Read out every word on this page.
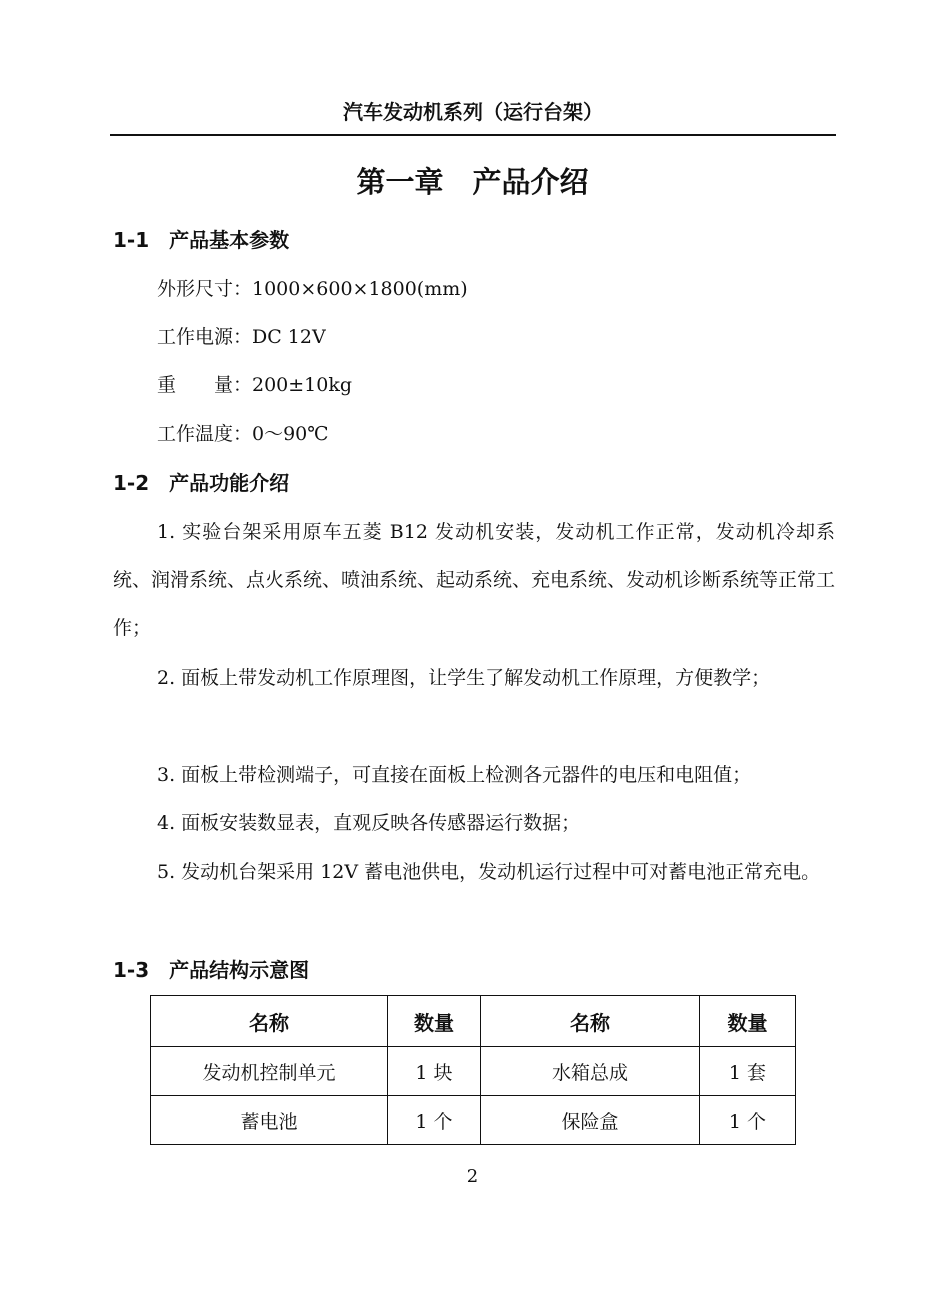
汽车发动机系列（运行台架）
第一章　产品介绍
1-1　产品基本参数
外形尺寸：1000×600×1800(mm)
工作电源：DC 12V
重　　量：200±10kg
工作温度：0～90℃
1-2　产品功能介绍

1. 实验台架采用原车五菱 B12 发动机安装，发动机工作正常，发动机冷却系统、润滑系统、点火系统、喷油系统、起动系统、充电系统、发动机诊断系统等正常工作；

2. 面板上带发动机工作原理图，让学生了解发动机工作原理，方便教学；

3. 面板上带检测端子，可直接在面板上检测各元器件的电压和电阻值；

4. 面板安装数显表，直观反映各传感器运行数据；

5. 发动机台架采用 12V 蓄电池供电，发动机运行过程中可对蓄电池正常充电。

1-3　产品结构示意图
名称	数量	名称	数量
发动机控制单元	1 块	水箱总成	1 套
蓄电池	1 个	保险盒	1 个
2
